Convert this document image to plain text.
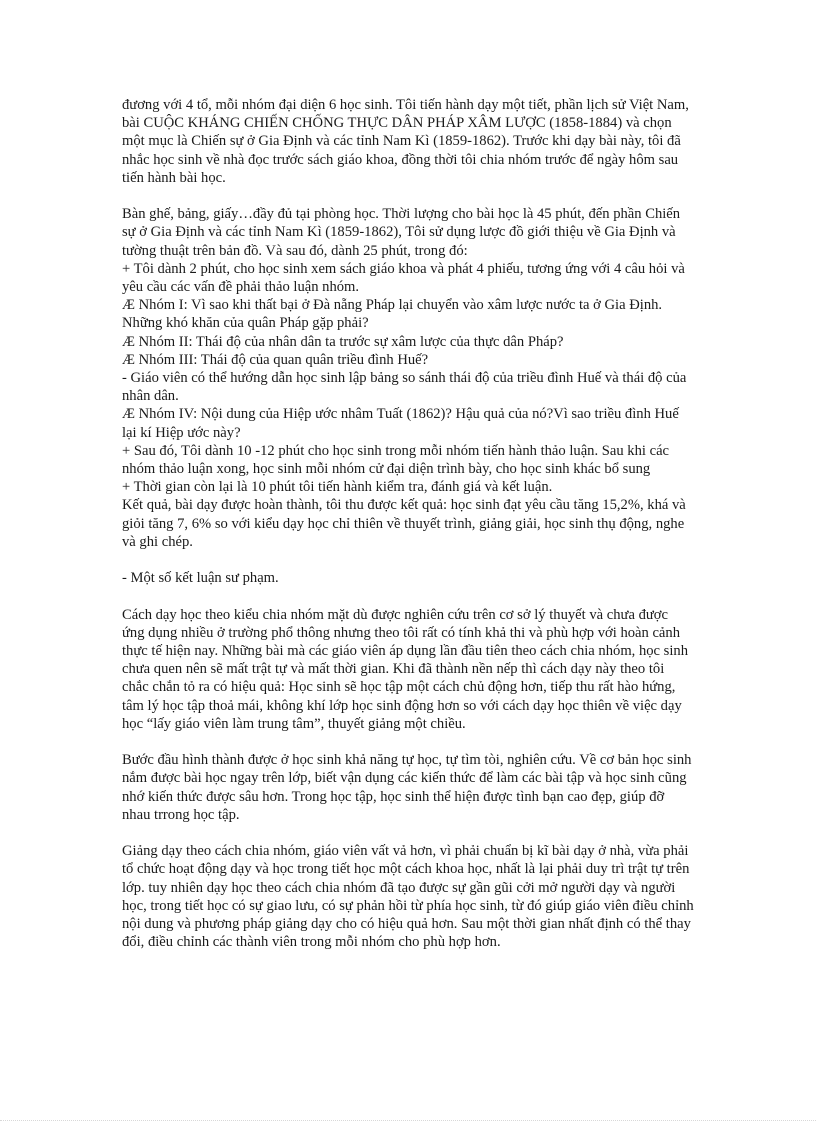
đương với 4 tổ, mỗi nhóm đại diện 6 học sinh. Tôi tiến hành dạy một tiết, phần lịch sử Việt Nam, bài CUỘC KHÁNG CHIẾN CHỐNG THỰC DÂN PHÁP XÂM LƯỢC (1858-1884) và chọn một mục là Chiến sự ở Gia Định và các tỉnh Nam Kì (1859-1862). Trước khi dạy bài này, tôi đã nhắc học sinh về nhà đọc trước sách giáo khoa, đồng thời tôi chia nhóm trước để ngày hôm sau tiến hành bài học.

Bàn ghế, bảng, giấy…đầy đủ tại phòng học. Thời lượng cho bài học là 45 phút, đến phần Chiến sự ở Gia Định và các tỉnh Nam Kì (1859-1862), Tôi sử dụng lược đồ giới thiệu về Gia Định và tường thuật trên bản đồ. Và sau đó, dành 25 phút, trong đó:

+ Tôi dành 2 phút, cho học sinh xem sách giáo khoa và phát 4 phiếu, tương ứng với 4 câu hỏi và yêu cầu các vấn đề phải thảo luận nhóm.

Æ Nhóm I: Vì sao khi thất bại ở Đà nẵng Pháp lại chuyển vào xâm lược nước ta ở Gia Định. Những khó khăn của quân Pháp gặp phải?

Æ Nhóm II: Thái độ của nhân dân ta trước sự xâm lược của thực dân Pháp?

Æ Nhóm III: Thái độ của quan quân triều đình Huế?

- Giáo viên có thể hướng dẫn học sinh lập bảng so sánh thái độ của triều đình Huế và thái độ của nhân dân.

Æ Nhóm IV: Nội dung của Hiệp ước nhâm Tuất (1862)? Hậu quả của nó?Vì sao triều đình Huế lại kí Hiệp ước này?

+ Sau đó, Tôi dành 10 -12 phút cho học sinh trong mỗi nhóm tiến hành thảo luận. Sau khi các nhóm thảo luận xong, học sinh mỗi nhóm cử đại diện trình bày, cho học sinh khác bổ sung

+ Thời gian còn lại là 10 phút tôi tiến hành kiểm tra, đánh giá và kết luận.

Kết quả, bài dạy được hoàn thành, tôi thu được kết quả: học sinh đạt yêu cầu tăng 15,2%, khá và giỏi tăng 7, 6% so với kiểu dạy học chỉ thiên về thuyết trình, giảng giải, học sinh thụ động, nghe và ghi chép.

- Một số kết luận sư phạm.

Cách dạy học theo kiểu chia nhóm mặt dù được nghiên cứu trên cơ sở lý thuyết và chưa được ứng dụng nhiều ở trường phổ thông nhưng theo tôi rất có tính khả thi và phù hợp với hoàn cảnh thực tế hiện nay. Những bài mà các giáo viên áp dụng lần đầu tiên theo cách chia nhóm, học sinh chưa quen nên sẽ mất trật tự và mất thời gian. Khi đã thành nền nếp thì cách dạy này theo tôi chắc chắn tỏ ra có hiệu quả: Học sinh sẽ học tập một cách chủ động hơn, tiếp thu rất hào hứng, tâm lý học tập thoả mái, không khí lớp học sinh động hơn so với cách dạy học thiên về việc dạy học “lấy giáo viên làm trung tâm”, thuyết giảng một chiều.

Bước đầu hình thành được ở học sinh khả năng tự học, tự tìm tòi, nghiên cứu. Về cơ bản học sinh nắm được bài học ngay trên lớp, biết vận dụng các kiến thức để làm các bài tập và học sinh cũng nhớ kiến thức được sâu hơn. Trong học tập, học sinh thể hiện được tình bạn cao đẹp, giúp đỡ nhau trrong học tập.

Giảng dạy theo cách chia nhóm, giáo viên vất vả hơn, vì phải chuẩn bị kĩ bài dạy ở nhà, vừa phải tổ chức hoạt động dạy và học trong tiết học một cách khoa học, nhất là lại phải duy trì trật tự trên lớp. tuy nhiên dạy học theo cách chia nhóm đã tạo được sự gần gũi cởi mở người dạy và người học, trong tiết học có sự giao lưu, có sự phản hồi từ phía học sinh, từ đó giúp giáo viên điều chỉnh nội dung và phương pháp giảng dạy cho có hiệu quả hơn. Sau một thời gian nhất định có thể thay đổi, điều chỉnh các thành viên trong mỗi nhóm cho phù hợp hơn.
